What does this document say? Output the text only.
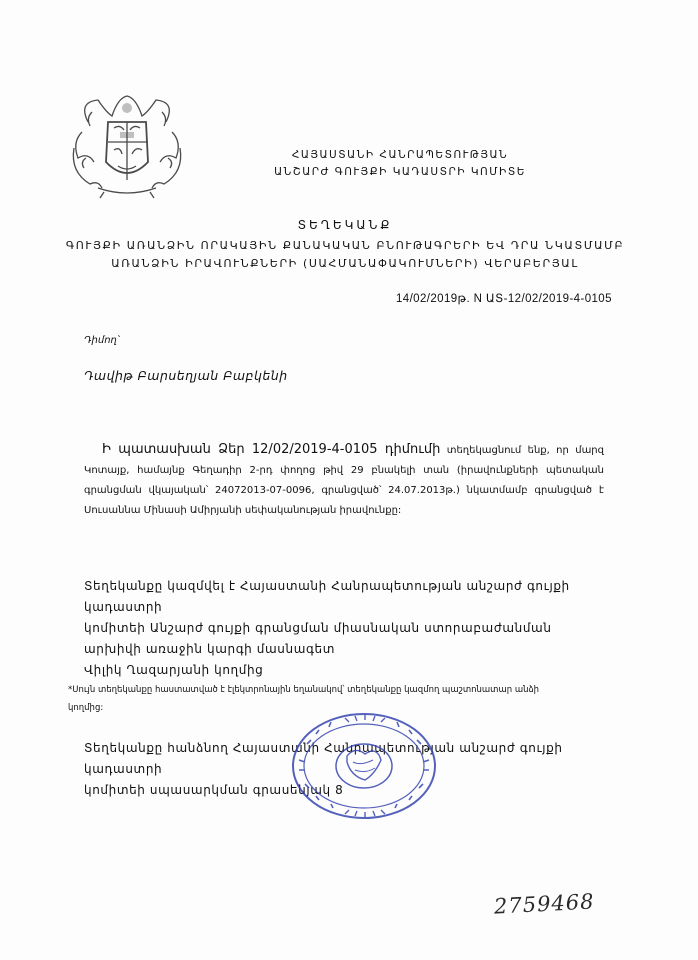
ՀԱՅԱՍՏԱՆԻ ՀԱՆՐԱՊԵՏՈՒԹՅԱՆ
ԱՆՇԱՐԺ ԳՈՒՅՔԻ ԿԱԴԱՍՏՐԻ ԿՈՄԻՏԵ
ՏԵՂԵԿԱՆՔ
ԳՈՒՅՔԻ ԱՌԱՆՁԻՆ ՈՐԱԿԱՅԻՆ ՔԱՆԱԿԱԿԱՆ ԲՆՈՒԹԱԳՐԵՐԻ ԵՎ ԴՐԱ ՆԿԱՏՄԱՄԲ
ԱՌԱՆՁԻՆ ԻՐԱՎՈՒՆՔՆԵՐԻ (ՍԱՀՄԱՆԱՓԱԿՈՒՄՆԵՐԻ) ՎԵՐԱԲԵՐՅԱԼ
14/02/2019թ. N ԱՏ-12/02/2019-4-0105
Դիմող՝
Դավիթ Բարսեղյան Բաբկենի
Ի պատասխան Ձեր 12/02/2019-4-0105 դիմումի տեղեկացնում ենք, որ մարզ Կոտայք, համայնք Գեղադիր 2-րդ փողոց թիվ 29 բնակելի տան (իրավունքների պետական գրանցման վկայական՝ 24072013-07-0096, գրանցված՝ 24.07.2013թ.) նկատմամբ գրանցված է Սուսաննա Մինասի Ամիրյանի սեփականության իրավունքը:
Տեղեկանքը կազմվել է Հայաստանի Հանրապետության անշարժ գույքի կադաստրի
կոմիտեի Անշարժ գույքի գրանցման միասնական ստորաբաժանման
արխիվի առաջին կարգի մասնագետ
Վիլիկ Ղազարյանի կողմից
*Սույն տեղեկանքը հաստատված է էլեկտրոնային եղանակով՝ տեղեկանքը կազմող պաշտոնատար անձի
կողմից:
Տեղեկանքը հանձնող Հայաստանի Հանրապետության անշարժ գույքի կադաստրի
կոմիտեի սպասարկման գրասենյակ 8
2759468
